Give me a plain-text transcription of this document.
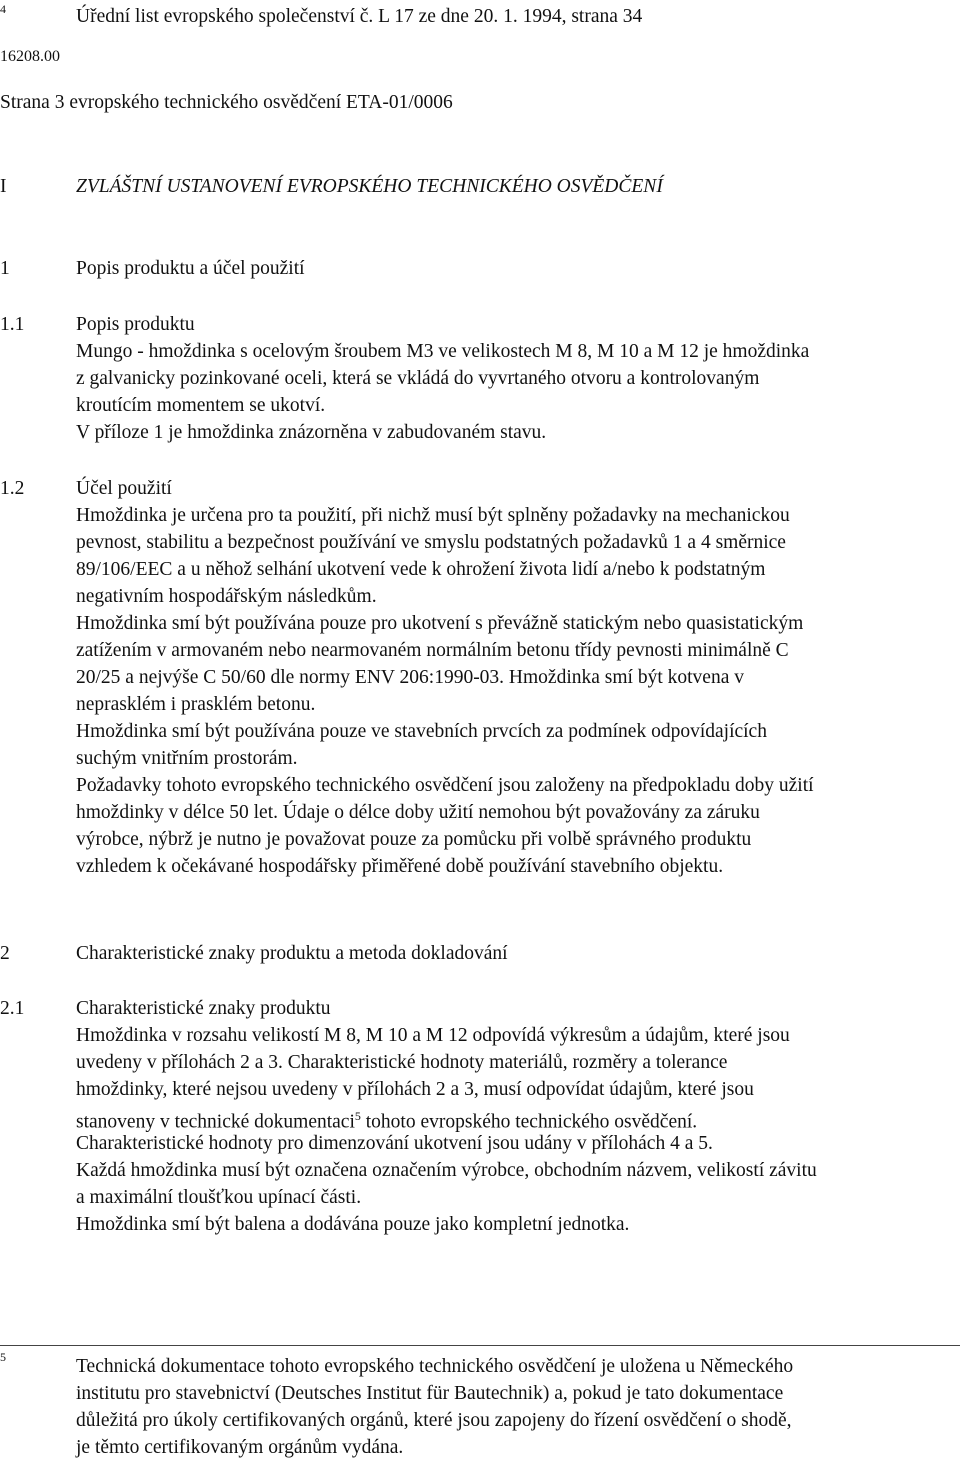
4	Úřední list evropského společenství č. L 17 ze dne 20. 1. 1994, strana 34
16208.00
Strana 3 evropského technického osvědčení ETA-01/0006
I	ZVLÁŠTNÍ USTANOVENÍ EVROPSKÉHO TECHNICKÉHO OSVĚDČENÍ
1	Popis produktu a účel použití
1.1	Popis produktu
Mungo - hmoždinka s ocelovým šroubem M3 ve velikostech M 8, M 10 a M 12 je hmoždinka
z galvanicky pozinkované oceli, která se vkládá do vyvrtaného otvoru a kontrolovaným
kroutícím momentem se ukotví.
V příloze 1 je hmoždinka znázorněna v zabudovaném stavu.
1.2	Účel použití
Hmoždinka je určena pro ta použití, při nichž musí být splněny požadavky na mechanickou
pevnost, stabilitu a bezpečnost používání ve smyslu podstatných požadavků 1 a 4 směrnice
89/106/EEC a u něhož selhání ukotvení vede k ohrožení života lidí a/nebo k podstatným
negativním hospodářským následkům.
Hmoždinka smí být používána pouze pro ukotvení s převážně statickým nebo quasistatickým
zatížením v armovaném nebo nearmovaném normálním betonu třídy pevnosti minimálně C
20/25 a nejvýše C 50/60 dle normy ENV 206:1990-03. Hmoždinka smí být kotvena v
neprasklém i prasklém betonu.
Hmoždinka smí být používána pouze ve stavebních prvcích za podmínek odpovídajících
suchým vnitřním prostorám.
Požadavky tohoto evropského technického osvědčení jsou založeny na předpokladu doby užití
hmoždinky v délce 50 let. Údaje o délce doby užití nemohou být považovány za záruku
výrobce, nýbrž je nutno je považovat pouze za pomůcku při volbě správného produktu
vzhledem k očekávané hospodářsky přiměřené době používání stavebního objektu.
2	Charakteristické znaky produktu a metoda dokladování
2.1	Charakteristické znaky produktu
Hmoždinka v rozsahu velikostí M 8, M 10 a M 12 odpovídá výkresům a údajům, které jsou
uvedeny v přílohách 2 a 3. Charakteristické hodnoty materiálů, rozměry a tolerance
hmoždinky, které nejsou uvedeny v přílohách 2 a 3, musí odpovídat údajům, které jsou
stanoveny v technické dokumentaci$^5$ tohoto evropského technického osvědčení.
Charakteristické hodnoty pro dimenzování ukotvení jsou udány v přílohách 4 a 5.
Každá hmoždinka musí být označena označením výrobce, obchodním názvem, velikostí závitu
a maximální tloušťkou upínací části.
Hmoždinka smí být balena a dodávána pouze jako kompletní jednotka.
5	Technická dokumentace tohoto evropského technického osvědčení je uložena u Německého
institutu pro stavebnictví (Deutsches Institut für Bautechnik) a, pokud je tato dokumentace
důležitá pro úkoly certifikovaných orgánů, které jsou zapojeny do řízení osvědčení o shodě,
je těmto certifikovaným orgánům vydána.
